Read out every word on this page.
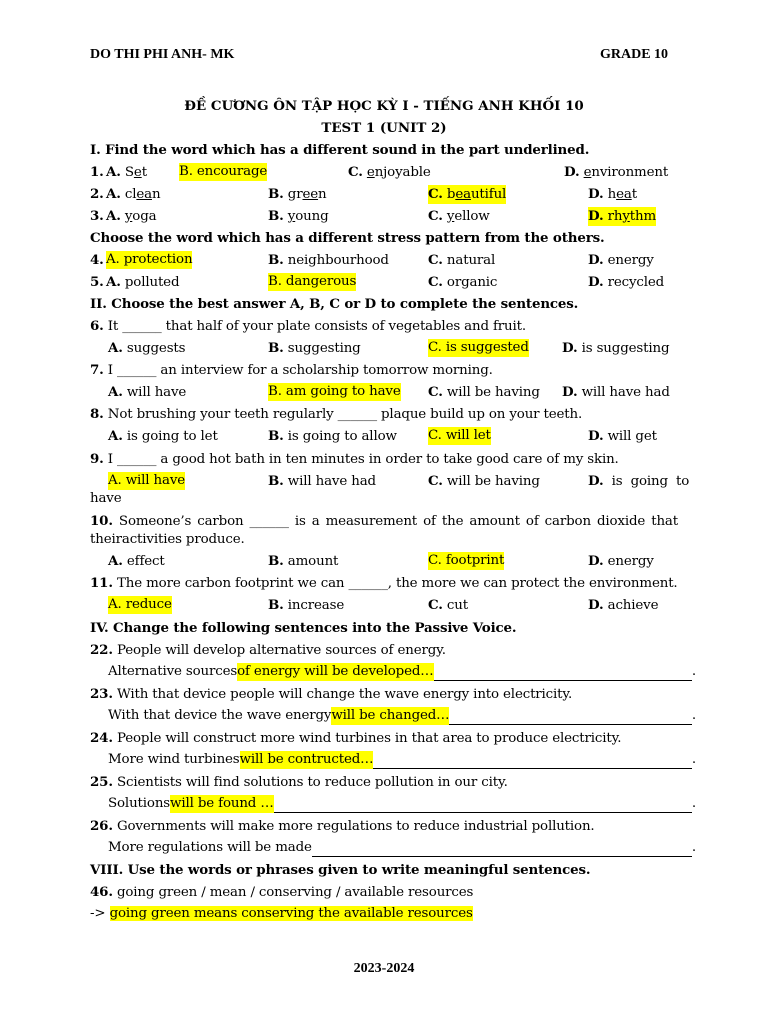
DO THI PHI ANH- MK	GRADE 10
ĐỀ CƯƠNG ÔN TẬP HỌC KỲ I - TIẾNG ANH KHỐI 10
TEST 1 (UNIT 2)
I. Find the word which has a different sound in the part underlined.
1. A. Set B. encourage	C. enjoyable	D. environment
2. A. clean	B. green	C. beautiful	D. heat
3. A. yoga	B. young	C. yellow	D. rhythm
Choose the word which has a different stress pattern from the others.
4. A. protection	B. neighbourhood	C. natural	D. energy
5. A. polluted	B. dangerous	C. organic	D. recycled
II. Choose the best answer A, B, C or D to complete the sentences.
6. It ______ that half of your plate consists of vegetables and fruit.
A. suggests	B. suggesting	C. is suggested D. is suggesting
7. I ______ an interview for a scholarship tomorrow morning.
A. will have	B. am going to have C. will be having D. will have had
8. Not brushing your teeth regularly ______ plaque build up on your teeth.
A. is going to let	B. is going to allow C. will let	D. will get
9. I ______ a good hot bath in ten minutes in order to take good care of my skin.
A. will have	B. will have had	C. will be having	D. is going to
have
10. Someone’s carbon ______ is a measurement of the amount of carbon dioxide that theiractivities produce.
A. effect	B. amount	C. footprint	D. energy
11. The more carbon footprint we can ______, the more we can protect the environment.
A. reduce	B. increase	C. cut	D. achieve
IV. Change the following sentences into the Passive Voice.
22. People will develop alternative sources of energy.
Alternative sources of energy will be developed…	.
23. With that device people will change the wave energy into electricity.
With that device the wave energy will be changed…	.
24. People will construct more wind turbines in that area to produce electricity.
More wind turbines will be contructed…	.
25. Scientists will find solutions to reduce pollution in our city.
Solutions will be found …	.
26. Governments will make more regulations to reduce industrial pollution.
More regulations will be made	.
VIII. Use the words or phrases given to write meaningful sentences.
46. going green / mean / conserving / available resources
-> going green means conserving the available resources
2023-2024
